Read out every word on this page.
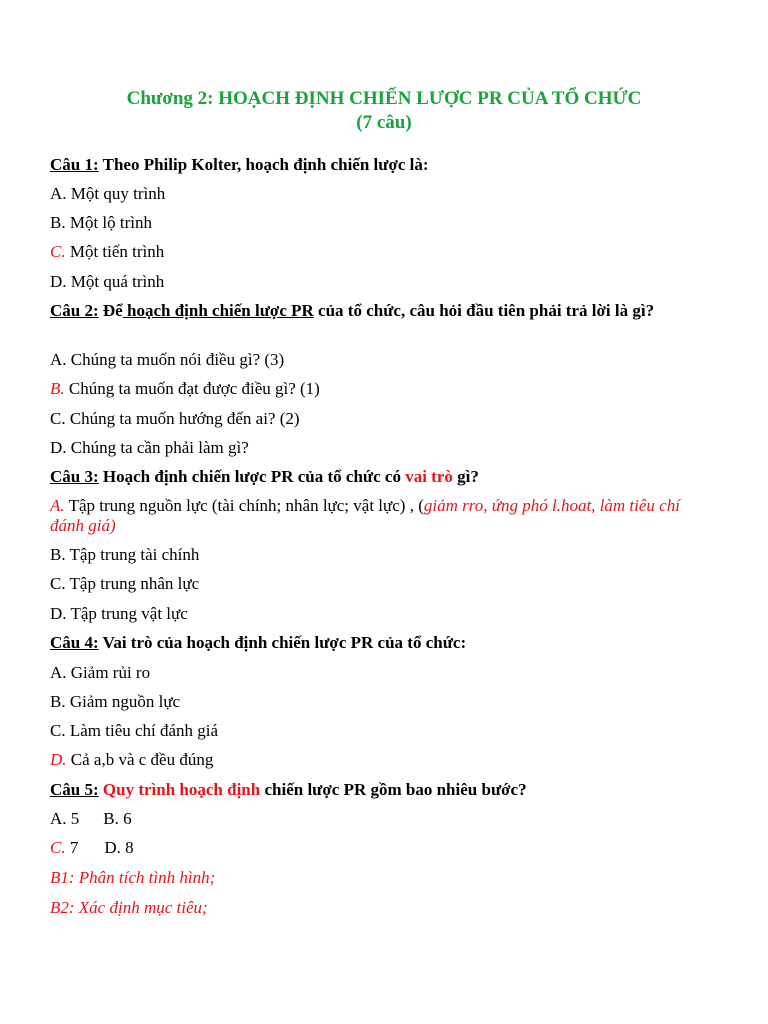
Chương 2: HOẠCH ĐỊNH CHIẾN LƯỢC PR CỦA TỔ CHỨC
(7 câu)
Câu 1: Theo Philip Kolter, hoạch định chiến lược là:
A. Một quy trình
B. Một lộ trình
C. Một tiến trình
D. Một quá trình
Câu 2: Để hoạch định chiến lược PR của tổ chức, câu hỏi đầu tiên phải trả lời là gì?
A. Chúng ta muốn nói điều gì? (3)
B. Chúng ta muốn đạt được điều gì? (1)
C. Chúng ta muốn hướng đến ai? (2)
D. Chúng ta cần phải làm gì?
Câu 3: Hoạch định chiến lược PR của tổ chức có vai trò gì?
A. Tập trung nguồn lực (tài chính; nhân lực; vật lực) , (giảm rro, ứng phó l.hoat, làm tiêu chí đánh giá)
B. Tập trung tài chính
C. Tập trung nhân lực
D. Tập trung vật lực
Câu 4: Vai trò của hoạch định chiến lược PR của tổ chức:
A. Giảm rủi ro
B. Giảm nguồn lực
C. Làm tiêu chí đánh giá
D. Cả a,b và c đều đúng
Câu 5: Quy trình hoạch định chiến lược PR gồm bao nhiêu bước?
A. 5 B. 6
C. 7 D. 8
B1: Phân tích tình hình;
B2: Xác định mục tiêu;
